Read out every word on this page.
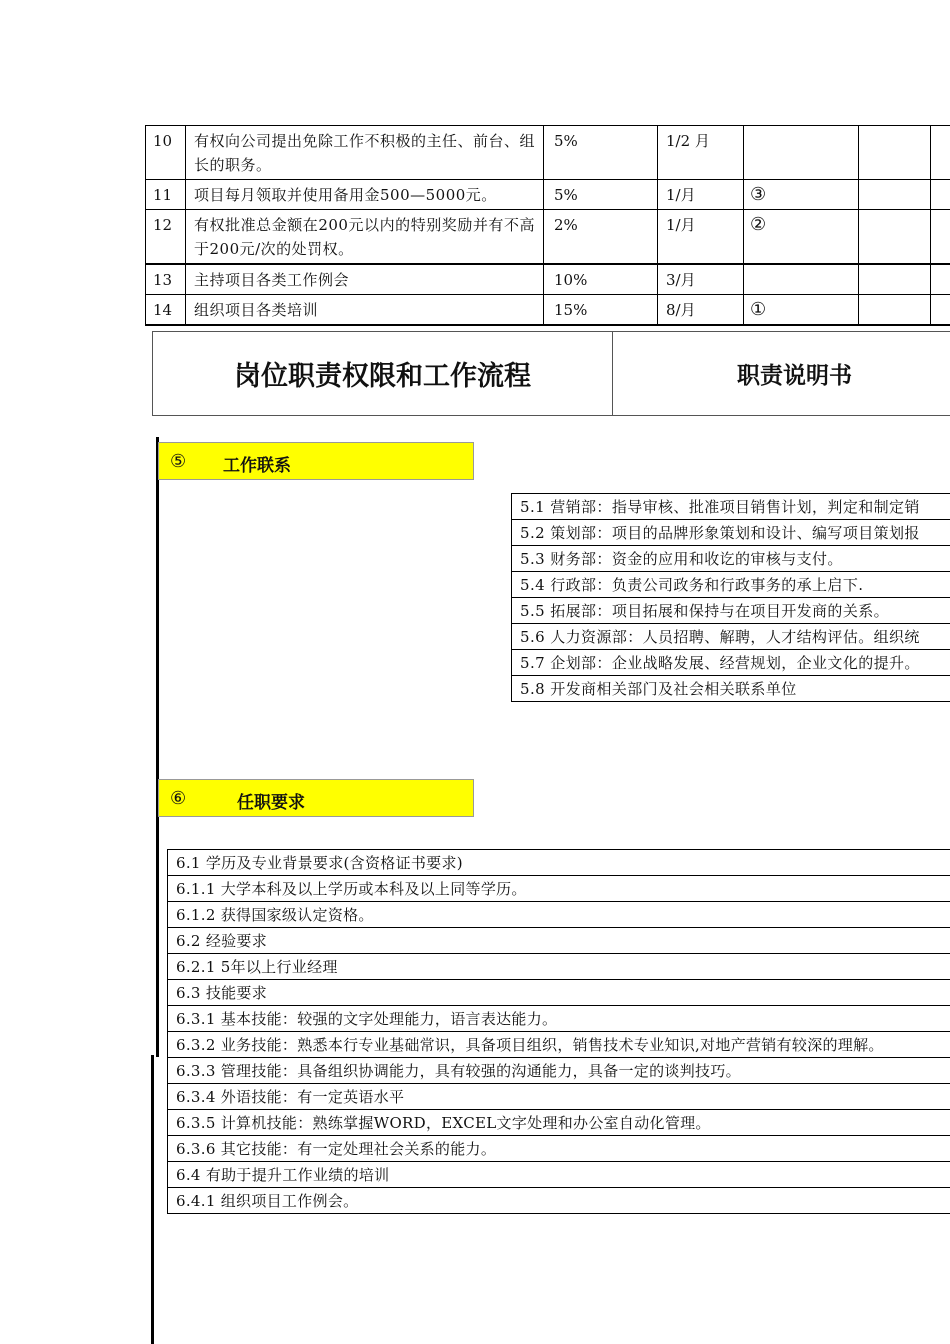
10	有权向公司提出免除工作不积极的主任、前台、组长的职务。	5%	1/2 月			
11	项目每月领取并使用备用金500—5000元。	5%	1/月	③		
12	有权批准总金额在200元以内的特别奖励并有不高于200元/次的处罚权。	2%	1/月	②		
13	主持项目各类工作例会	10%	3/月			
14	组织项目各类培训	15%	8/月	①		
岗位职责权限和工作流程	职责说明书
⑤ 工作联系
5.1 营销部：指导审核、批准项目销售计划，判定和制定销
5.2 策划部：项目的品牌形象策划和设计、编写项目策划报
5.3 财务部：资金的应用和收讫的审核与支付。
5.4 行政部：负责公司政务和行政事务的承上启下.
5.5 拓展部：项目拓展和保持与在项目开发商的关系。
5.6 人力资源部：人员招聘、解聘，人才结构评估。组织统
5.7 企划部：企业战略发展、经营规划，企业文化的提升。
5.8 开发商相关部门及社会相关联系单位
⑥	任职要求
6.1 学历及专业背景要求(含资格证书要求)
6.1.1 大学本科及以上学历或本科及以上同等学历。
6.1.2 获得国家级认定资格。
6.2 经验要求
6.2.1 5年以上行业经理
6.3 技能要求
6.3.1 基本技能：较强的文字处理能力，语言表达能力。
6.3.2 业务技能：熟悉本行专业基础常识，具备项目组织，销售技术专业知识,对地产营销有较深的理解。
6.3.3 管理技能：具备组织协调能力，具有较强的沟通能力，具备一定的谈判技巧。
6.3.4 外语技能：有一定英语水平
6.3.5 计算机技能：熟练掌握WORD，EXCEL文字处理和办公室自动化管理。
6.3.6 其它技能：有一定处理社会关系的能力。
6.4 有助于提升工作业绩的培训
6.4.1 组织项目工作例会。
